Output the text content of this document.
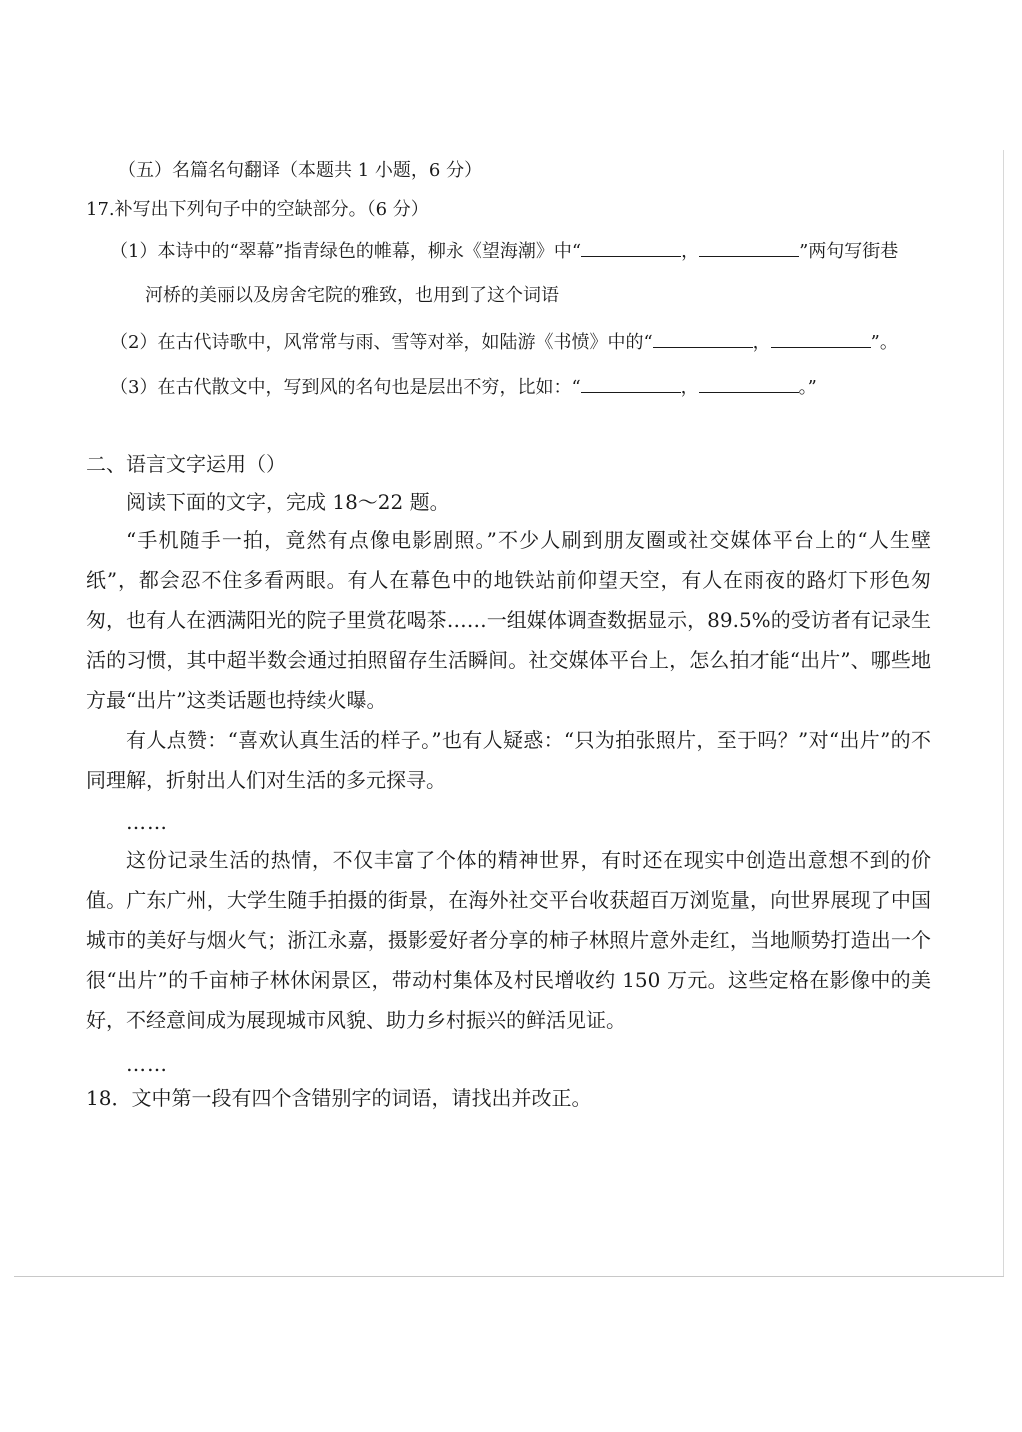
（五）名篇名句翻译（本题共 1 小题，6 分）
17.补写出下列句子中的空缺部分。（6 分）
（1）本诗中的“翠幕”指青绿色的帷幕，柳永《望海潮》中“	，	”两句写街巷
河桥的美丽以及房舍宅院的雅致，也用到了这个词语
（2）在古代诗歌中，风常常与雨、雪等对举，如陆游《书愤》中的“	，	”。
（3）在古代散文中，写到风的名句也是层出不穷，比如：“	，	。”
二、语言文字运用（）
阅读下面的文字，完成 18～22 题。
“手机随手一拍，竟然有点像电影剧照。”不少人刷到朋友圈或社交媒体平台上的“人生壁纸”，都会忍不住多看两眼。有人在幕色中的地铁站前仰望天空，有人在雨夜的路灯下形色匆匆，也有人在洒满阳光的院子里赏花喝茶……一组媒体调查数据显示，89.5%的受访者有记录生活的习惯，其中超半数会通过拍照留存生活瞬间。社交媒体平台上，怎么拍才能“出片”、哪些地方最“出片”这类话题也持续火曝。
有人点赞：“喜欢认真生活的样子。”也有人疑惑：“只为拍张照片，至于吗？”对“出片”的不同理解，折射出人们对生活的多元探寻。
……
这份记录生活的热情，不仅丰富了个体的精神世界，有时还在现实中创造出意想不到的价值。广东广州，大学生随手拍摄的街景，在海外社交平台收获超百万浏览量，向世界展现了中国城市的美好与烟火气；浙江永嘉，摄影爱好者分享的柿子林照片意外走红，当地顺势打造出一个很“出片”的千亩柿子林休闲景区，带动村集体及村民增收约 150 万元。这些定格在影像中的美好，不经意间成为展现城市风貌、助力乡村振兴的鲜活见证。
……
18．文中第一段有四个含错别字的词语，请找出并改正。
